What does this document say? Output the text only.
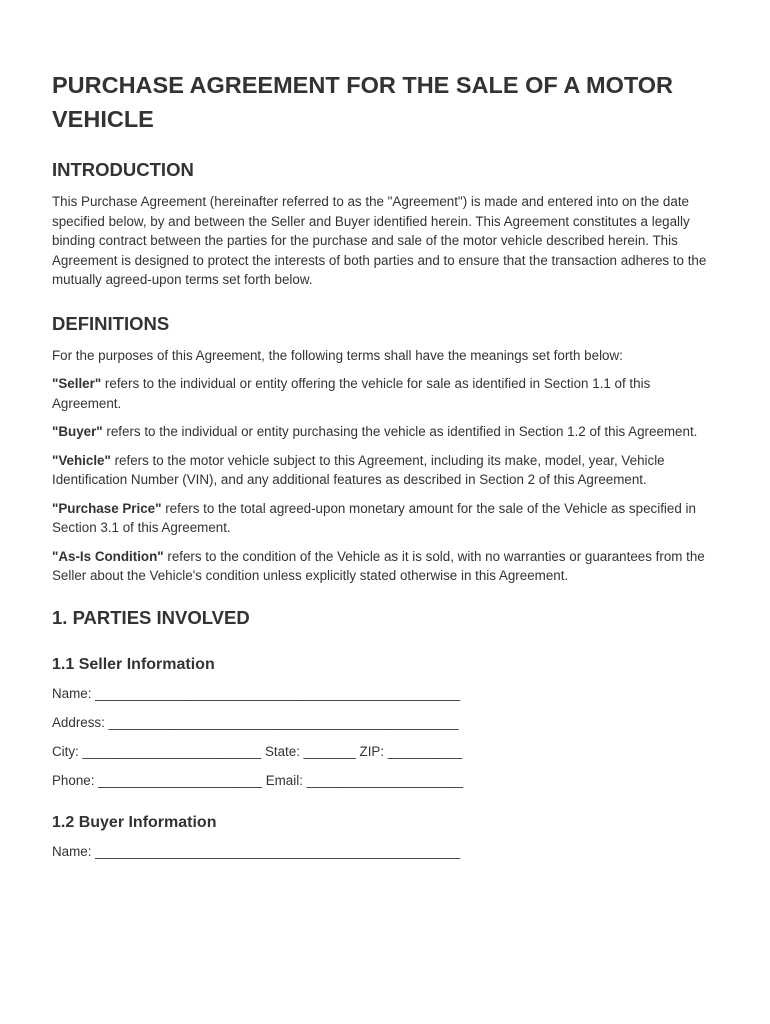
PURCHASE AGREEMENT FOR THE SALE OF A MOTOR VEHICLE
INTRODUCTION

This Purchase Agreement (hereinafter referred to as the "Agreement") is made and entered into on the date specified below, by and between the Seller and Buyer identified herein. This Agreement constitutes a legally binding contract between the parties for the purchase and sale of the motor vehicle described herein. This Agreement is designed to protect the interests of both parties and to ensure that the transaction adheres to the mutually agreed-upon terms set forth below.

DEFINITIONS

For the purposes of this Agreement, the following terms shall have the meanings set forth below:

"Seller" refers to the individual or entity offering the vehicle for sale as identified in Section 1.1 of this Agreement.

"Buyer" refers to the individual or entity purchasing the vehicle as identified in Section 1.2 of this Agreement.

"Vehicle" refers to the motor vehicle subject to this Agreement, including its make, model, year, Vehicle Identification Number (VIN), and any additional features as described in Section 2 of this Agreement.

"Purchase Price" refers to the total agreed-upon monetary amount for the sale of the Vehicle as specified in Section 3.1 of this Agreement.

"As-Is Condition" refers to the condition of the Vehicle as it is sold, with no warranties or guarantees from the Seller about the Vehicle's condition unless explicitly stated otherwise in this Agreement.

1. PARTIES INVOLVED
1.1 Seller Information
Name: _________________________________________________
Address: _______________________________________________
City: ________________________ State: _______ ZIP: __________
Phone: ______________________ Email: _____________________
1.2 Buyer Information
Name: _________________________________________________
